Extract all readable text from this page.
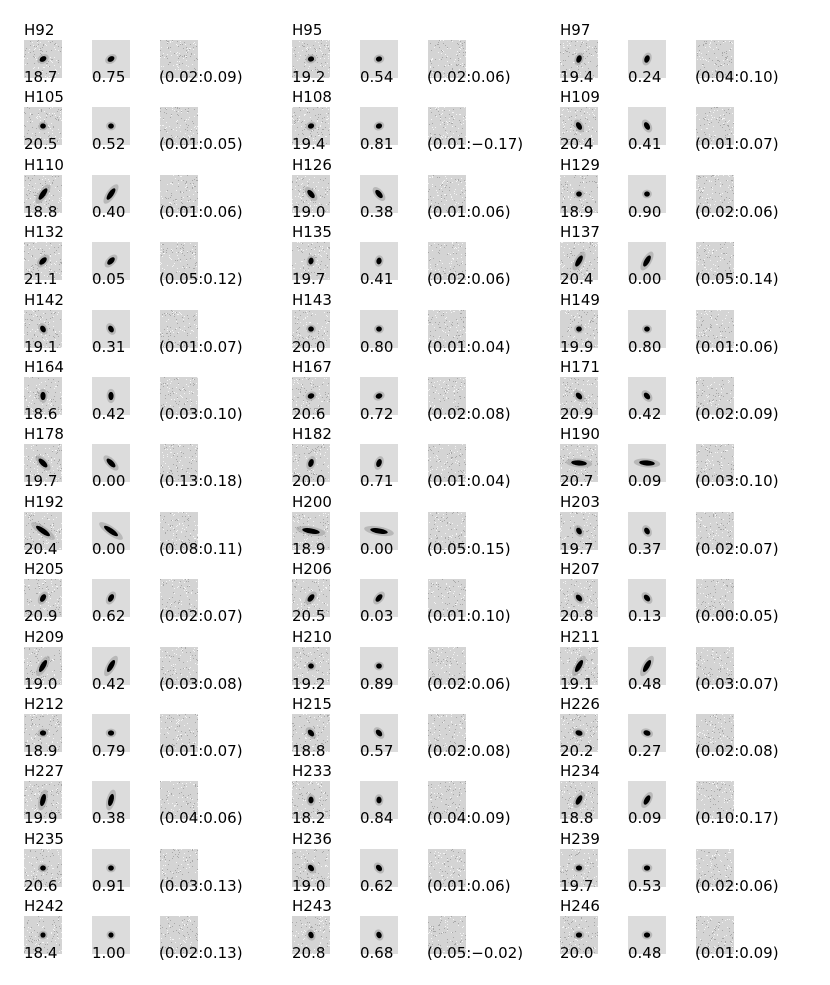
H92
18.7 0.75 (0.02:0.09)
H95
19.2 0.54 (0.02:0.06)
H97
19.4 0.24 (0.04:0.10)
H105
20.5 0.52 (0.01:0.05)
H108
19.4 0.81 (0.01:−0.17)
H109
20.4 0.41 (0.01:0.07)
H110
18.8 0.40 (0.01:0.06)
H126
19.0 0.38 (0.01:0.06)
H129
18.9 0.90 (0.02:0.06)
H132
21.1 0.05 (0.05:0.12)
H135
19.7 0.41 (0.02:0.06)
H137
20.4 0.00 (0.05:0.14)
H142
19.1 0.31 (0.01:0.07)
H143
20.0 0.80 (0.01:0.04)
H149
19.9 0.80 (0.01:0.06)
H164
18.6 0.42 (0.03:0.10)
H167
20.6 0.72 (0.02:0.08)
H171
20.9 0.42 (0.02:0.09)
H178
19.7 0.00 (0.13:0.18)
H182
20.0 0.71 (0.01:0.04)
H190
20.7 0.09 (0.03:0.10)
H192
20.4 0.00 (0.08:0.11)
H200
18.9 0.00 (0.05:0.15)
H203
19.7 0.37 (0.02:0.07)
H205
20.9 0.62 (0.02:0.07)
H206
20.5 0.03 (0.01:0.10)
H207
20.8 0.13 (0.00:0.05)
H209
19.0 0.42 (0.03:0.08)
H210
19.2 0.89 (0.02:0.06)
H211
19.1 0.48 (0.03:0.07)
H212
18.9 0.79 (0.01:0.07)
H215
18.8 0.57 (0.02:0.08)
H226
20.2 0.27 (0.02:0.08)
H227
19.9 0.38 (0.04:0.06)
H233
18.2 0.84 (0.04:0.09)
H234
18.8 0.09 (0.10:0.17)
H235
20.6 0.91 (0.03:0.13)
H236
19.0 0.62 (0.01:0.06)
H239
19.7 0.53 (0.02:0.06)
H242
18.4 1.00 (0.02:0.13)
H243
20.8 0.68 (0.05:−0.02)
H246
20.0 0.48 (0.01:0.09)
